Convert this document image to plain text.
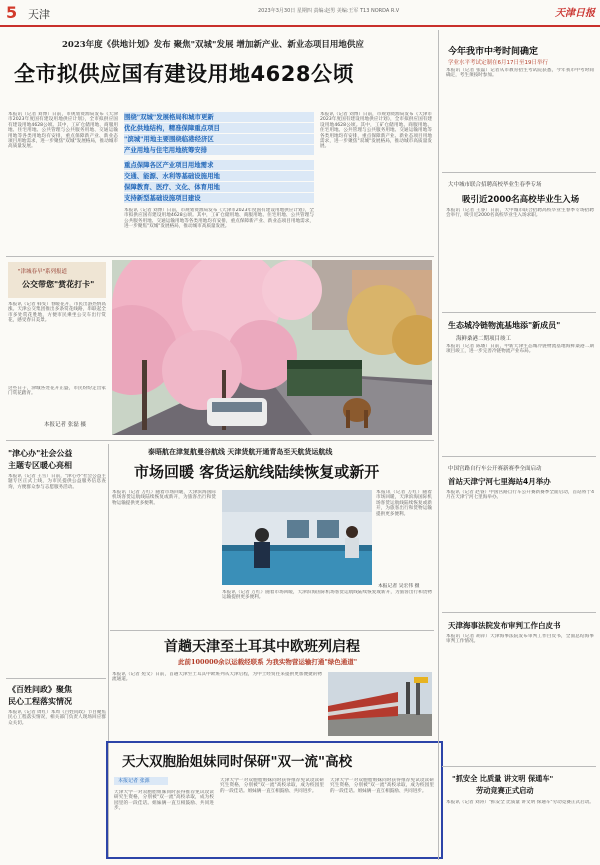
5 天津	2023年3月30日 星期四 责编:赵男 美编:王军 T13 NORDA R.V	天津日报
2023年度《供地计划》发布 聚焦"双城"发展 增加新产业、新业态项目用地供应
全市拟供应国有建设用地4628公顷
本报讯（记者 刘博）日前，市规划资源局发布《天津市2023年度国有建设用地供应计划》，全市拟供应国有建设用地4628公顷。其中，工矿仓储用地、商服用地、住宅用地、公共管理与公共服务用地、交通运输用地等各类用地均有安排，重点保障新产业、新业态项目用地需求，进一步聚焦"双城"发展格局，推动城市高质量发展。
围绕"双城"发展格局和城市更新
优化供地结构，精准保障重点项目
"滨城"用地主要围绕临港经济区
产业用地与住宅用地统筹安排
重点保障各区产业项目用地需求
交通、能源、水利等基础设施用地
保障教育、医疗、文化、体育用地
支持新型基础设施项目建设
本报讯（记者 刘博）日前，市规划资源局发布《天津市2023年度国有建设用地供应计划》，全市拟供应国有建设用地4628公顷。其中，工矿仓储用地、商服用地、住宅用地、公共管理与公共服务用地、交通运输用地等各类用地均有安排，重点保障新产业、新业态项目用地需求，进一步聚焦"双城"发展格局，推动城市高质量发展。
本报讯（记者 刘博）日前，市规划资源局发布《天津市2023年度国有建设用地供应计划》，全市拟供应国有建设用地4628公顷。其中，工矿仓储用地、商服用地、住宅用地、公共管理与公共服务用地、交通运输用地等各类用地均有安排，重点保障新产业、新业态项目用地需求，进一步聚焦"双城"发展格局，推动城市高质量发展。
"津城春早"系列报道
公交带您"赏花打卡"
本报讯（记者 韩雯）春暖花开，市民出游热情高涨。天津公交集团推出多条赏花线路，串联起全市多处赏花胜地，方便市民乘坐公交车出行赏花，感受春日美景。
这些日子，津城各处花开正盛，市民纷纷走出家门赏花踏青。
本报记者 张磊 摄
"津心办"社会公益
主题专区暖心亮相
本报讯（记者 王雪）日前，"津心办"社会公益主题专区正式上线，为市民提供公益服务信息查询，方便群众参与志愿服务活动。
《百姓问政》聚焦
民心工程落实情况
本报讯（记者 周红）本周《百姓问政》节目聚焦民心工程落实情况，相关部门负责人现场回应群众关切。
泰晤航在津复航曼谷航线 天津货航开通青岛至天航货运航线
市场回暖 客货运航线陆续恢复或新开
本报讯（记者 万红）随着市场回暖，天津滨海国际机场客货运航线陆续恢复或新开，为旅客出行和货物运输提供更多便利。
本报讯（记者 万红）随着市场回暖，天津滨海国际机场客货运航线陆续恢复或新开，为旅客出行和货物运输提供更多便利。
本报记者 吴宏伟 摄
本报讯（记者 万红）随着市场回暖，天津滨海国际机场客货运航线陆续恢复或新开，为旅客出行和货物运输提供更多便利。
首趟天津至土耳其中欧班列启程
此前100000余以运载经联系 为我实物营运输打通"绿色通道"
本报讯（记者 苑文）日前，首趟天津至土耳其中欧班列从天津启程，为中土经贸往来提供更加便捷的物流通道。
天大双胞胎姐妹同时保研"双一流"高校
本报记者 张源
天津大学一对双胞胎姐妹同时获得推荐免试攻读研究生资格，分别被"双一流"高校录取，成为校园里的一段佳话。姐妹俩一直互相鼓励、共同进步。
天津大学一对双胞胎姐妹同时获得推荐免试攻读研究生资格，分别被"双一流"高校录取，成为校园里的一段佳话。姐妹俩一直互相鼓励、共同进步。
天津大学一对双胞胎姐妹同时获得推荐免试攻读研究生资格，分别被"双一流"高校录取，成为校园里的一段佳话。姐妹俩一直互相鼓励、共同进步。
今年我市中考时间确定
学业水平考试定制在6月17日至19日举行
本报讯（记者 张磊）记者从市教育招生考试院获悉，今年我市中考时间确定，考生须按时参加。
大中城市联合招聘高校毕业生春季专场
吸引近2000名高校毕业生入场
本报讯（记者 王睿）日前，大中城市联合招聘高校毕业生春季专场招聘会举行，吸引近2000名高校毕业生入场求职。
生态城冷链物流基地添"新成员"
海鲜桑港二期项目竣工
本报讯（记者 陈璠）日前，中新天津生态城冷链物流基地海鲜桑港二期项目竣工，进一步完善冷链物流产业布局。
中国宫路自行车公开赛新赛季全面启动
首站天津宁河七里海站4月举办
本报讯（记者 赵睿）中国宫路自行车公开赛新赛季全面启动，首站将于4月在天津宁河七里海举办。
天津海事法院发布审判工作白皮书
本报讯（记者 胡萍）天津海事法院发布审判工作白皮书，全面总结海事审判工作情况。
"抓安全 比质量 讲文明 保通车"
劳动竞赛正式启动
本报讯（记者 刘涛）"抓安全 比质量 讲文明 保通车"劳动竞赛正式启动。
